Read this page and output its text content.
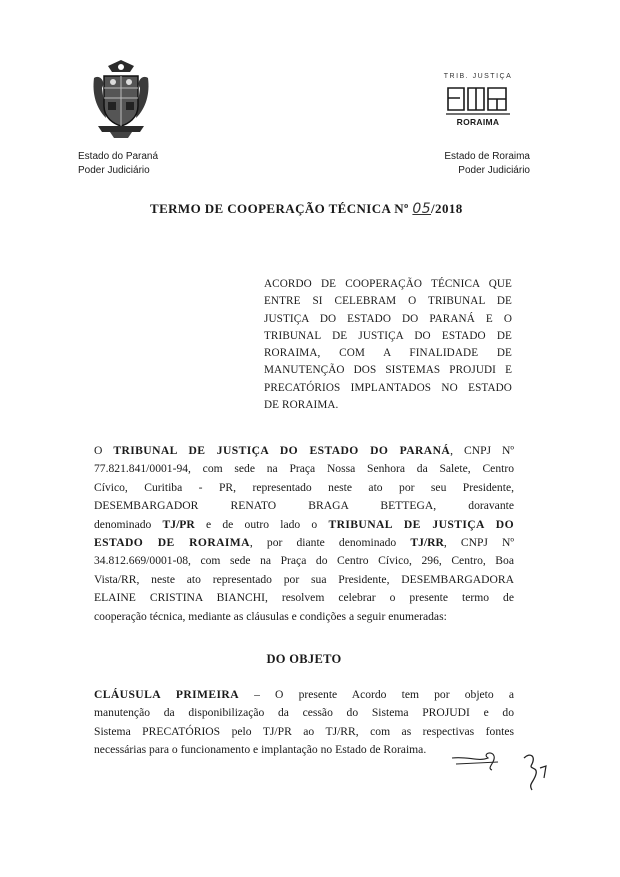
TRIB. JUSTIÇA
RORAIMA
Estado do Paraná
Poder Judiciário
Estado de Roraima
Poder Judiciário
TERMO DE COOPERAÇÃO TÉCNICA Nº 05/2018
ACORDO DE COOPERAÇÃO TÉCNICA QUE
ENTRE SI CELEBRAM O TRIBUNAL DE
JUSTIÇA DO ESTADO DO PARANÁ E O
TRIBUNAL DE JUSTIÇA DO ESTADO DE
RORAIMA, COM A FINALIDADE DE
MANUTENÇÃO DOS SISTEMAS PROJUDI E
PRECATÓRIOS IMPLANTADOS NO ESTADO
DE RORAIMA.
O TRIBUNAL DE JUSTIÇA DO ESTADO DO PARANÁ, CNPJ Nº
77.821.841/0001-94, com sede na Praça Nossa Senhora da Salete, Centro
Cívico, Curitiba - PR, representado neste ato por seu Presidente,
DESEMBARGADOR RENATO BRAGA BETTEGA, doravante
denominado TJ/PR e de outro lado o TRIBUNAL DE JUSTIÇA DO
ESTADO DE RORAIMA, por diante denominado TJ/RR, CNPJ Nº
34.812.669/0001-08, com sede na Praça do Centro Cívico, 296, Centro, Boa
Vista/RR, neste ato representado por sua Presidente, DESEMBARGADORA
ELAINE CRISTINA BIANCHI, resolvem celebrar o presente termo de
cooperação técnica, mediante as cláusulas e condições a seguir enumeradas:
DO OBJETO
CLÁUSULA PRIMEIRA – O presente Acordo tem por objeto a
manutenção da disponibilização da cessão do Sistema PROJUDI e do
Sistema PRECATÓRIOS pelo TJ/PR ao TJ/RR, com as respectivas fontes
necessárias para o funcionamento e implantação no Estado de Roraima.
